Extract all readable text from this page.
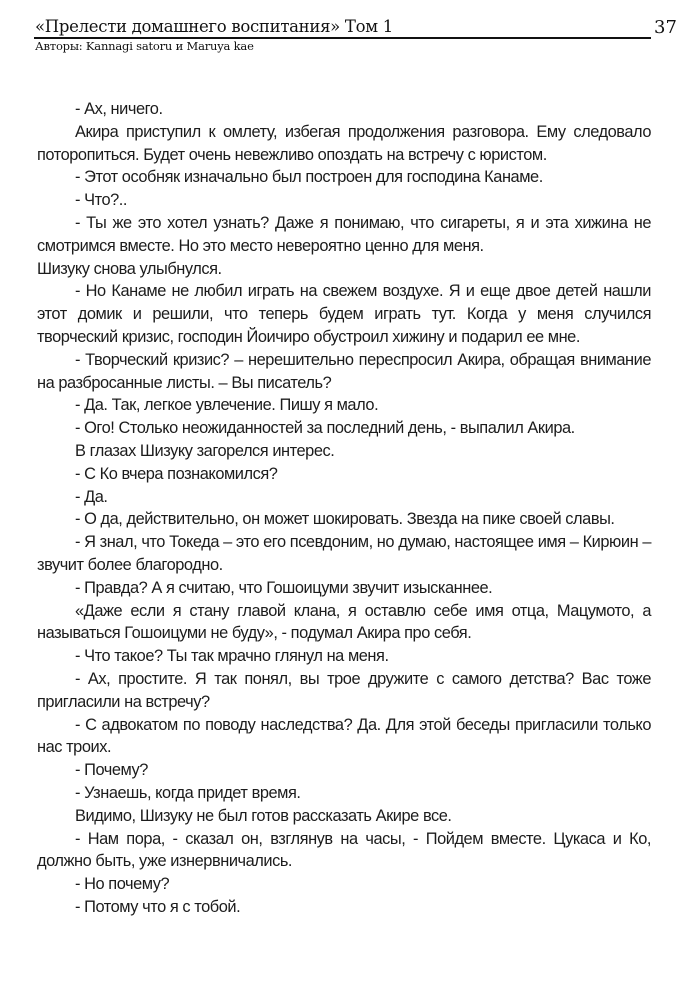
«Прелести домашнего воспитания» Том 1	37
Авторы: Kannagi satoru и Maruya kae

- Ах, ничего.

Акира приступил к омлету, избегая продолжения разговора. Ему следовало поторопиться. Будет очень невежливо опоздать на встречу с юристом.

- Этот особняк изначально был построен для господина Канаме.

- Что?..

- Ты же это хотел узнать? Даже я понимаю, что сигареты, я и эта хижина не смотримся вместе. Но это место невероятно ценно для меня.

Шизуку снова улыбнулся.

- Но Канаме не любил играть на свежем воздухе. Я и еще двое детей нашли этот домик и решили, что теперь будем играть тут. Когда у меня случился творческий кризис, господин Йоичиро обустроил хижину и подарил ее мне.

- Творческий кризис? – нерешительно переспросил Акира, обращая внимание на разбросанные листы. – Вы писатель?

- Да. Так, легкое увлечение. Пишу я мало.

- Ого! Столько неожиданностей за последний день, - выпалил Акира.

В глазах Шизуку загорелся интерес.

- С Ко вчера познакомился?

- Да.

- О да, действительно, он может шокировать. Звезда на пике своей славы.

- Я знал, что Токеда – это его псевдоним, но думаю, настоящее имя – Кирюин – звучит более благородно.

- Правда? А я считаю, что Гошоицуми звучит изысканнее.

«Даже если я стану главой клана, я оставлю себе имя отца, Мацумото, а называться Гошоицуми не буду», - подумал Акира про себя.

- Что такое? Ты так мрачно глянул на меня.

- Ах, простите. Я так понял, вы трое дружите с самого детства? Вас тоже пригласили на встречу?

- С адвокатом по поводу наследства? Да. Для этой беседы пригласили только нас троих.

- Почему?

- Узнаешь, когда придет время.

Видимо, Шизуку не был готов рассказать Акире все.

- Нам пора, - сказал он, взглянув на часы, - Пойдем вместе. Цукаса и Ко, должно быть, уже изнервничались.

- Но почему?

- Потому что я с тобой.
